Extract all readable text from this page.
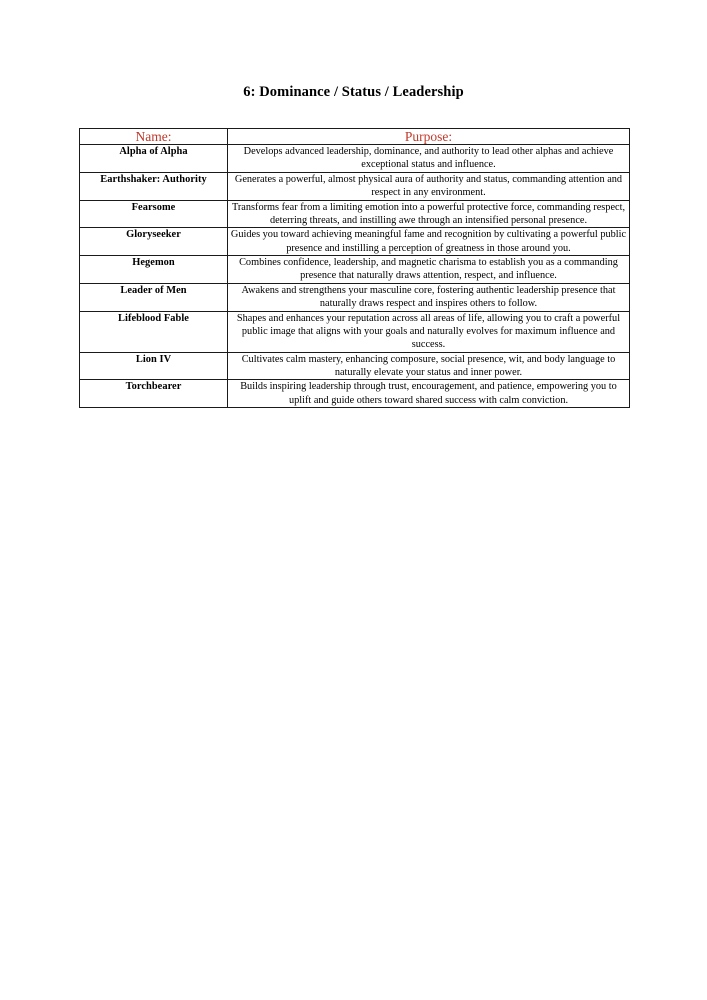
6: Dominance / Status / Leadership
Name:	Purpose:
Alpha of Alpha	Develops advanced leadership, dominance, and authority to lead other alphas and achieve exceptional status and influence.

Earthshaker: Authority	Generates a powerful, almost physical aura of authority and status, commanding attention and respect in any environment.

Fearsome	Transforms fear from a limiting emotion into a powerful protective force, commanding respect, deterring threats, and instilling awe through an intensified personal presence.

Gloryseeker	Guides you toward achieving meaningful fame and recognition by cultivating a powerful public presence and instilling a perception of greatness in those around you.

Hegemon	Combines confidence, leadership, and magnetic charisma to establish you as a commanding presence that naturally draws attention, respect, and influence.

Leader of Men	Awakens and strengthens your masculine core, fostering authentic leadership presence that naturally draws respect and inspires others to follow.

Lifeblood Fable	Shapes and enhances your reputation across all areas of life, allowing you to craft a powerful public image that aligns with your goals and naturally evolves for maximum influence and success.

Lion IV	Cultivates calm mastery, enhancing composure, social presence, wit, and body language to naturally elevate your status and inner power.

Torchbearer	Builds inspiring leadership through trust, encouragement, and patience, empowering you to uplift and guide others toward shared success with calm conviction.
